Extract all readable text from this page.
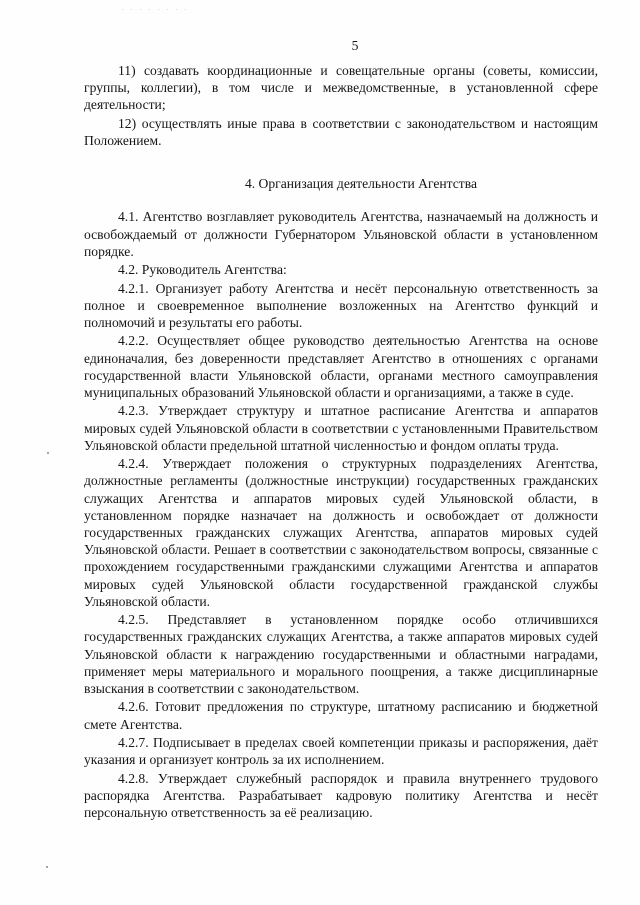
5

11) создавать координационные и совещательные органы (советы, комиссии, группы, коллегии), в том числе и межведомственные, в установленной сфере деятельности;

12) осуществлять иные права в соответствии с законодательством и настоящим Положением.

4. Организация деятельности Агентства

4.1. Агентство возглавляет руководитель Агентства, назначаемый на должность и освобождаемый от должности Губернатором Ульяновской области в установленном порядке.

4.2. Руководитель Агентства:

4.2.1. Организует работу Агентства и несёт персональную ответственность за полное и своевременное выполнение возложенных на Агентство функций и полномочий и результаты его работы.

4.2.2. Осуществляет общее руководство деятельностью Агентства на основе единоначалия, без доверенности представляет Агентство в отношениях с органами государственной власти Ульяновской области, органами местного самоуправления муниципальных образований Ульяновской области и организациями, а также в суде.

4.2.3. Утверждает структуру и штатное расписание Агентства и аппаратов мировых судей Ульяновской области в соответствии с установленными Правительством Ульяновской области предельной штатной численностью и фондом оплаты труда.

4.2.4. Утверждает положения о структурных подразделениях Агентства, должностные регламенты (должностные инструкции) государственных гражданских служащих Агентства и аппаратов мировых судей Ульяновской области, в установленном порядке назначает на должность и освобождает от должности государственных гражданских служащих Агентства, аппаратов мировых судей Ульяновской области. Решает в соответствии с законодательством вопросы, связанные с прохождением государственными гражданскими служащими Агентства и аппаратов мировых судей Ульяновской области государственной гражданской службы Ульяновской области.

4.2.5. Представляет в установленном порядке особо отличившихся государственных гражданских служащих Агентства, а также аппаратов мировых судей Ульяновской области к награждению государственными и областными наградами, применяет меры материального и морального поощрения, а также дисциплинарные взыскания в соответствии с законодательством.

4.2.6. Готовит предложения по структуре, штатному расписанию и бюджетной смете Агентства.

4.2.7. Подписывает в пределах своей компетенции приказы и распоряжения, даёт указания и организует контроль за их исполнением.

4.2.8. Утверждает служебный распорядок и правила внутреннего трудового распорядка Агентства. Разрабатывает кадровую политику Агентства и несёт персональную ответственность за её реализацию.
